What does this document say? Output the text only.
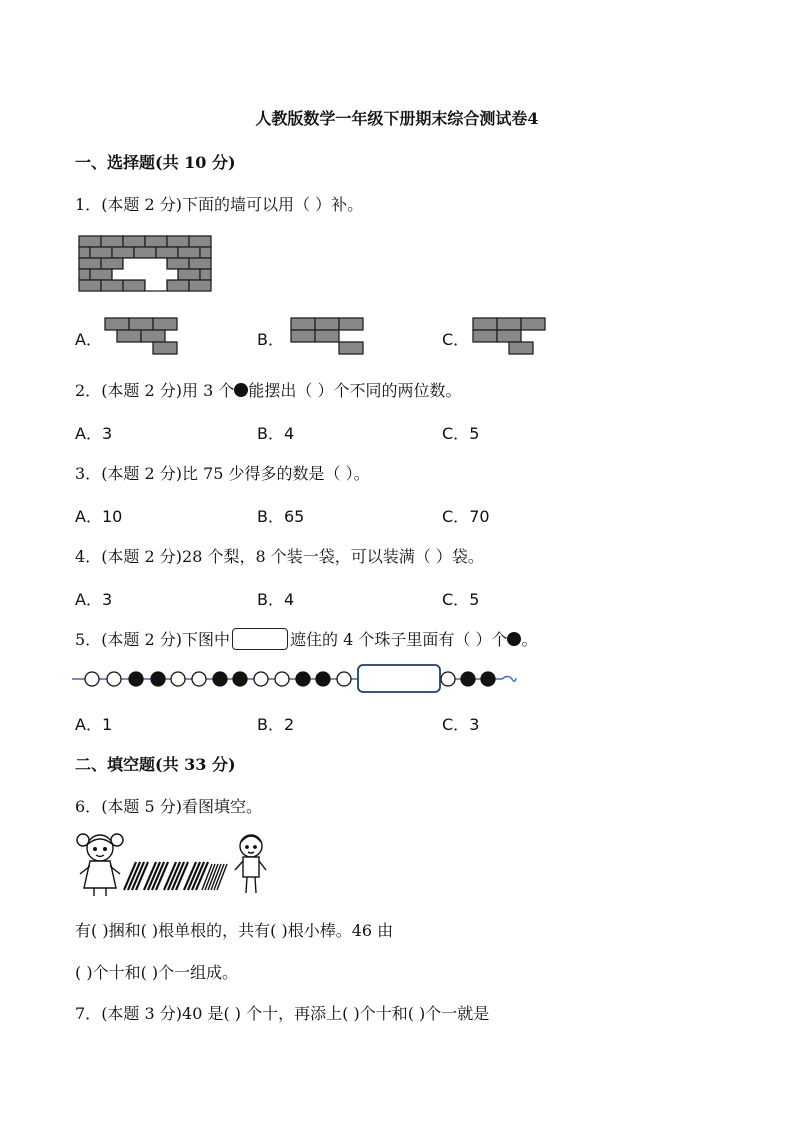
人教版数学一年级下册期末综合测试卷4
一、选择题(共 10 分)
1．(本题 2 分)下面的墙可以用（ ）补。
A．	B．	C．
2．(本题 2 分)用 3 个 能摆出（ ）个不同的两位数。
A．3	B．4	C．5
3．(本题 2 分)比 75 少得多的数是（ ）。
A．10	B．65	C．70
4．(本题 2 分)28 个梨，8 个装一袋，可以装满（ ）袋。
A．3	B．4	C．5
5．(本题 2 分)下图中	遮住的 4 个珠子里面有（ ）个 。
A．1	B．2	C．3
二、填空题(共 33 分)
6．(本题 5 分)看图填空。
有( )捆和( )根单根的，共有( )根小棒。46 由
( )个十和( )个一组成。
7．(本题 3 分)40 是( ) 个十，再添上( )个十和( )个一就是
